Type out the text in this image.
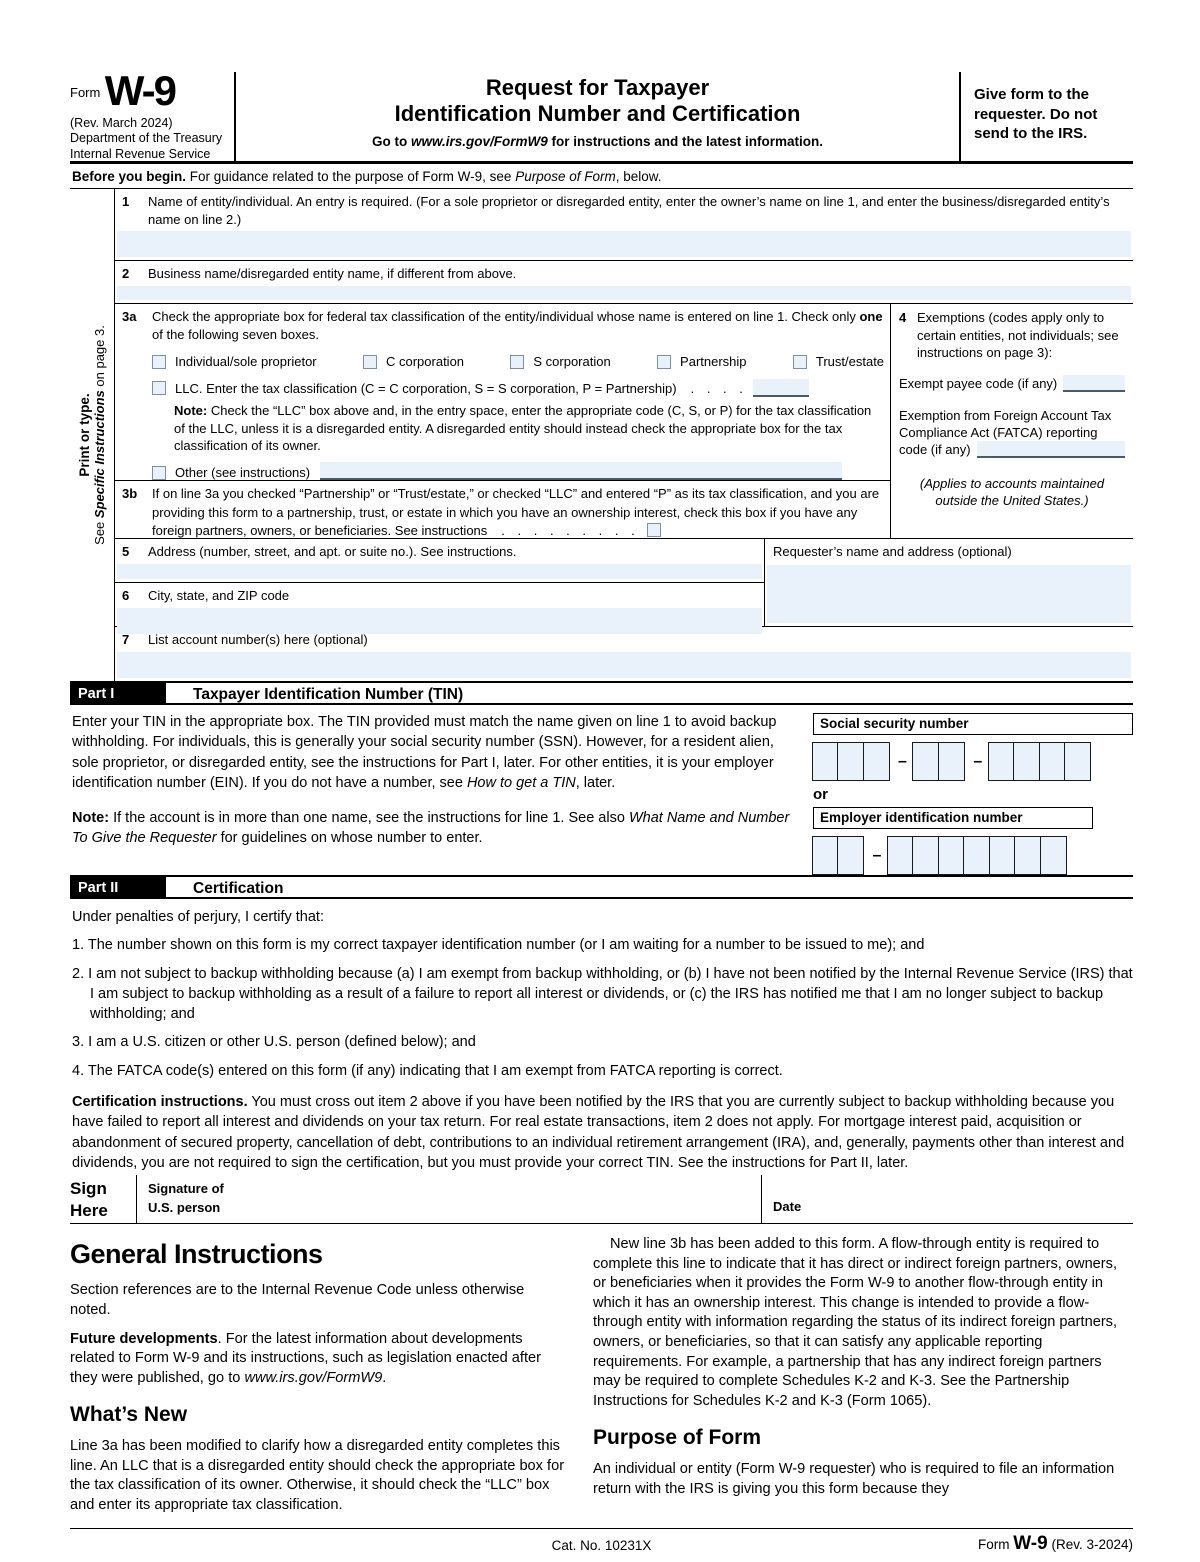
$^{Form}$ W-9
(Rev. March 2024)
Department of the Treasury
Internal Revenue Service
Request for Taxpayer
Identification Number and Certification
Go to www.irs.gov/FormW9 for instructions and the latest information.
Give form to the requester. Do not send to the IRS.
Before you begin. For guidance related to the purpose of Form W-9, see Purpose of Form, below.
Print or type.
See Specific Instructions on page 3.
1	Name of entity/individual. An entry is required. (For a sole proprietor or disregarded entity, enter the owner’s name on line 1, and enter the business/disregarded entity’s name on line 2.)
2	Business name/disregarded entity name, if different from above.
3a	Check the appropriate box for federal tax classification of the entity/individual whose name is entered on line 1. Check only one of the following seven boxes.
Individual/sole proprietor	C corporation	S corporation	Partnership	Trust/estate
LLC. Enter the tax classification (C = C corporation, S = S corporation, P = Partnership) . . . .
Note: Check the “LLC” box above and, in the entry space, enter the appropriate code (C, S, or P) for the tax classification of the LLC, unless it is a disregarded entity. A disregarded entity should instead check the appropriate box for the tax classification of its owner.
Other (see instructions)
3b	If on line 3a you checked “Partnership” or “Trust/estate,” or checked “LLC” and entered “P” as its tax classification, and you are providing this form to a partnership, trust, or estate in which you have an ownership interest, check this box if you have any foreign partners, owners, or beneficiaries. See instructions . . . . . . . . .
4 Exemptions (codes apply only to certain entities, not individuals; see instructions on page 3):
Exempt payee code (if any)
Exemption from Foreign Account Tax Compliance Act (FATCA) reporting
code (if any)
(Applies to accounts maintained outside the United States.)
5	Address (number, street, and apt. or suite no.). See instructions.
6	City, state, and ZIP code
Requester’s name and address (optional)
7	List account number(s) here (optional)
Part I	Taxpayer Identification Number (TIN)
Enter your TIN in the appropriate box. The TIN provided must match the name given on line 1 to avoid backup withholding. For individuals, this is generally your social security number (SSN). However, for a resident alien, sole proprietor, or disregarded entity, see the instructions for Part I, later. For other entities, it is your employer identification number (EIN). If you do not have a number, see How to get a TIN, later.
Note: If the account is in more than one name, see the instructions for line 1. See also What Name and Number To Give the Requester for guidelines on whose number to enter.
Social security number
–	–
or
Employer identification number
–
Part II	Certification
Under penalties of perjury, I certify that:
1. The number shown on this form is my correct taxpayer identification number (or I am waiting for a number to be issued to me); and
2. I am not subject to backup withholding because (a) I am exempt from backup withholding, or (b) I have not been notified by the Internal Revenue Service (IRS) that I am subject to backup withholding as a result of a failure to report all interest or dividends, or (c) the IRS has notified me that I am no longer subject to backup withholding; and
3. I am a U.S. citizen or other U.S. person (defined below); and
4. The FATCA code(s) entered on this form (if any) indicating that I am exempt from FATCA reporting is correct.
Certification instructions. You must cross out item 2 above if you have been notified by the IRS that you are currently subject to backup withholding because you have failed to report all interest and dividends on your tax return. For real estate transactions, item 2 does not apply. For mortgage interest paid, acquisition or abandonment of secured property, cancellation of debt, contributions to an individual retirement arrangement (IRA), and, generally, payments other than interest and dividends, you are not required to sign the certification, but you must provide your correct TIN. See the instructions for Part II, later.
Sign
Here
Signature of
U.S. person	Date
General Instructions
Section references are to the Internal Revenue Code unless otherwise noted.
Future developments. For the latest information about developments related to Form W-9 and its instructions, such as legislation enacted after they were published, go to www.irs.gov/FormW9.
What’s New
Line 3a has been modified to clarify how a disregarded entity completes this line. An LLC that is a disregarded entity should check the appropriate box for the tax classification of its owner. Otherwise, it should check the “LLC” box and enter its appropriate tax classification.
New line 3b has been added to this form. A flow-through entity is required to complete this line to indicate that it has direct or indirect foreign partners, owners, or beneficiaries when it provides the Form W-9 to another flow-through entity in which it has an ownership interest. This change is intended to provide a flow-through entity with information regarding the status of its indirect foreign partners, owners, or beneficiaries, so that it can satisfy any applicable reporting requirements. For example, a partnership that has any indirect foreign partners may be required to complete Schedules K-2 and K-3. See the Partnership Instructions for Schedules K-2 and K-3 (Form 1065).
Purpose of Form
An individual or entity (Form W-9 requester) who is required to file an information return with the IRS is giving you this form because they
Cat. No. 10231X	Form W-9 (Rev. 3-2024)
